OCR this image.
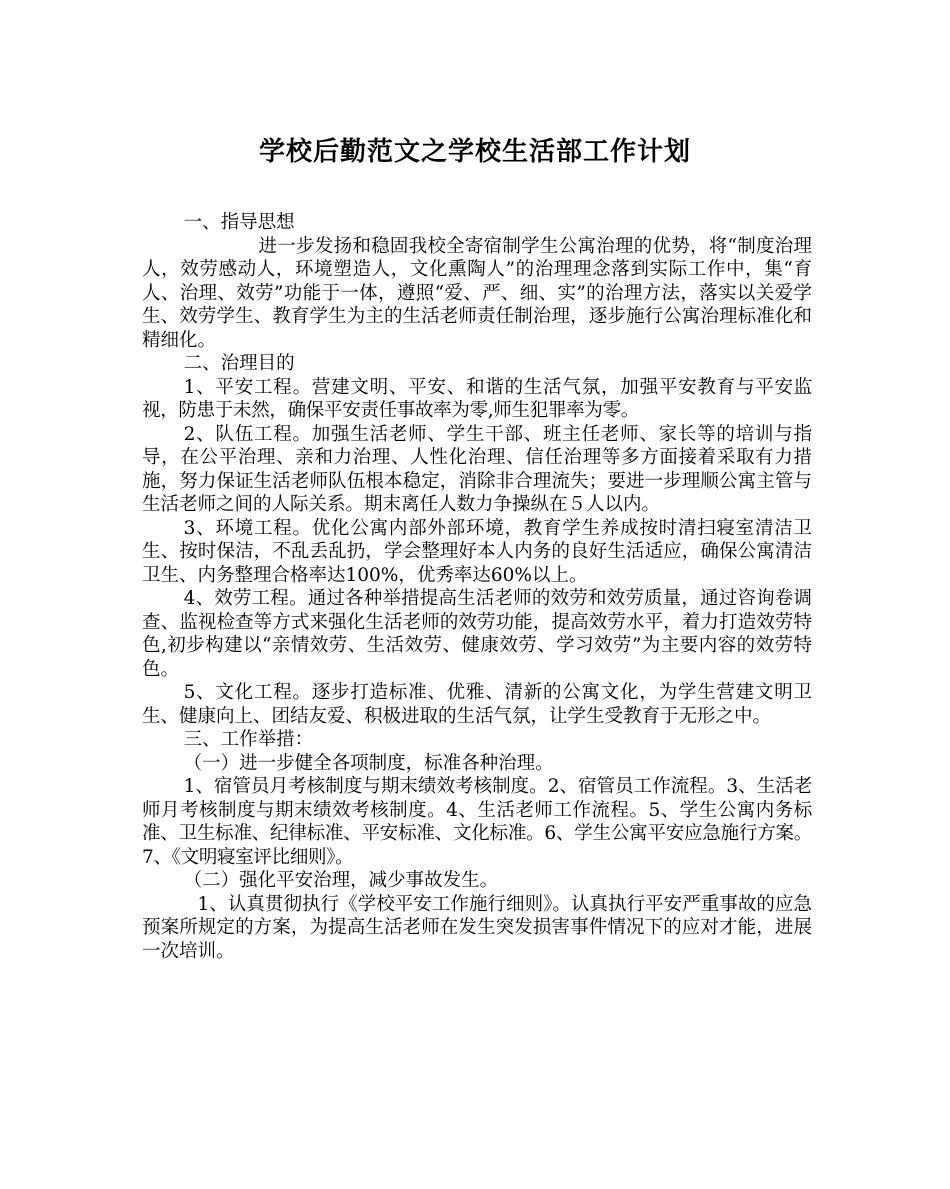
学校后勤范文之学校生活部工作计划

一、指导思想

进一步发扬和稳固我校全寄宿制学生公寓治理的优势，将“制度治理人，效劳感动人，环境塑造人，文化熏陶人”的治理理念落到实际工作中，集“育人、治理、效劳”功能于一体，遵照“爱、严、细、实”的治理方法，落实以关爱学生、效劳学生、教育学生为主的生活老师责任制治理，逐步施行公寓治理标准化和精细化。

二、治理目的

1、平安工程。营建文明、平安、和谐的生活气氛，加强平安教育与平安监视，防患于未然，确保平安责任事故率为零,师生犯罪率为零。

2、队伍工程。加强生活老师、学生干部、班主任老师、家长等的培训与指导，在公平治理、亲和力治理、人性化治理、信任治理等多方面接着采取有力措施，努力保证生活老师队伍根本稳定，消除非合理流失；要进一步理顺公寓主管与生活老师之间的人际关系。期末离任人数力争操纵在５人以内。

3、环境工程。优化公寓内部外部环境，教育学生养成按时清扫寝室清洁卫生、按时保洁，不乱丢乱扔，学会整理好本人内务的良好生活适应，确保公寓清洁卫生、内务整理合格率达100%，优秀率达60%以上。

4、效劳工程。通过各种举措提高生活老师的效劳和效劳质量，通过咨询卷调查、监视检查等方式来强化生活老师的效劳功能，提高效劳水平，着力打造效劳特色,初步构建以“亲情效劳、生活效劳、健康效劳、学习效劳”为主要内容的效劳特色。

5、文化工程。逐步打造标准、优雅、清新的公寓文化，为学生营建文明卫生、健康向上、团结友爱、积极进取的生活气氛，让学生受教育于无形之中。

三、工作举措：

（一）进一步健全各项制度，标准各种治理。

1、宿管员月考核制度与期末绩效考核制度。2、宿管员工作流程。3、生活老师月考核制度与期末绩效考核制度。4、生活老师工作流程。5、学生公寓内务标准、卫生标准、纪律标准、平安标准、文化标准。6、学生公寓平安应急施行方案。7、《文明寝室评比细则》。

（二）强化平安治理，减少事故发生。

1、认真贯彻执行《学校平安工作施行细则》。认真执行平安严重事故的应急预案所规定的方案，为提高生活老师在发生突发损害事件情况下的应对才能，进展一次培训。
